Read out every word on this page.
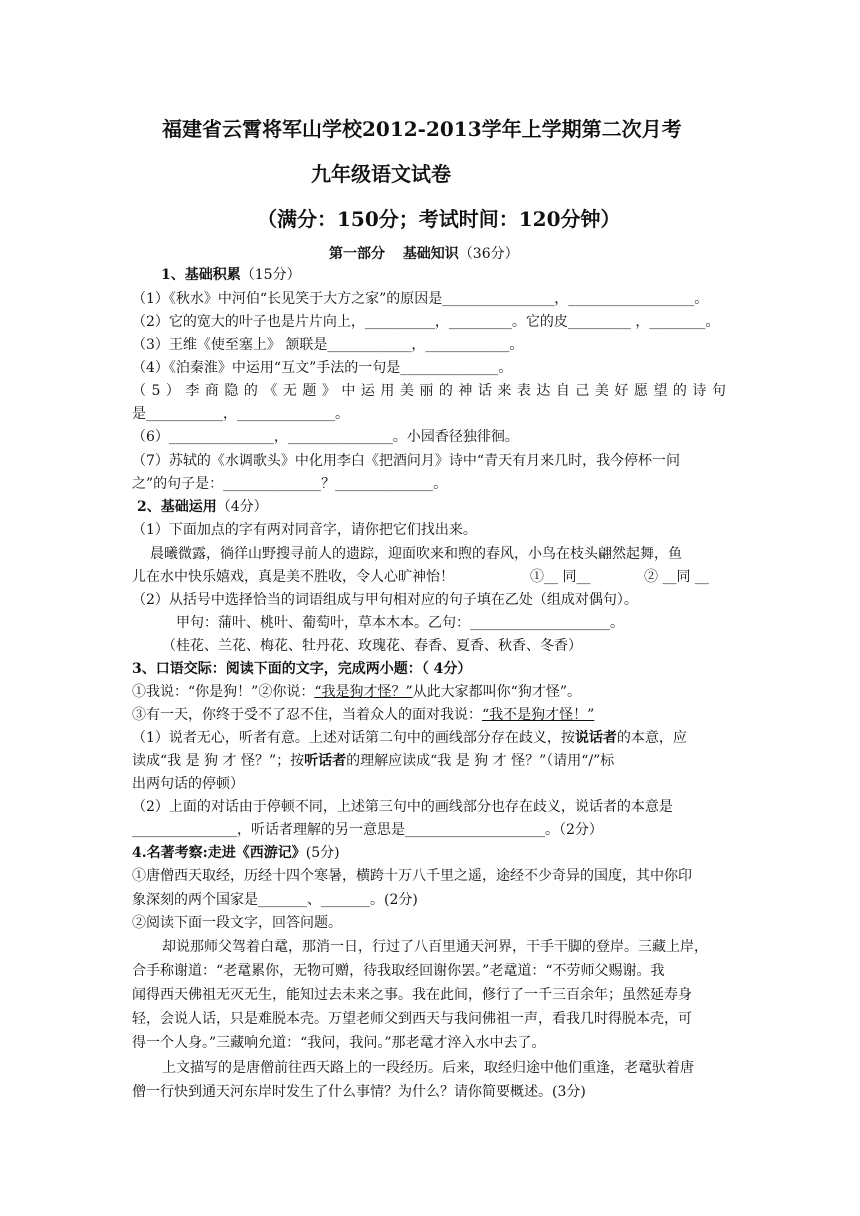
福建省云霄将军山学校2012-2013学年上学期第二次月考
九年级语文试卷
（满分：150分；考试时间：120分钟）
第一部分 基础知识（36分）
1、基础积累（15分）
（1）《秋水》中河伯“长见笑于大方之家”的原因是________________，__________________。
（2）它的宽大的叶子也是片片向上，__________，_________。它的皮_________ ，________。
（3）王维《使至塞上》 颔联是____________，____________。
（4）《泊秦淮》中运用“互文”手法的一句是______________。
（5）李商隐的《无题》中运用美丽的神话来表达自己美好愿望的诗句
是___________，______________。
（6）_______________，_______________。小园香径独徘徊。
（7）苏轼的《水调歌头》中化用李白《把酒问月》诗中“青天有月来几时，我今停杯一问
之”的句子是：______________？______________。
2、基础运用（4分）
（1）下面加点的字有两对同音字，请你把它们找出来。
晨曦微露，徜徉山野搜寻前人的遗踪，迎面吹来和煦的春风，小鸟在枝头翩然起舞，鱼
儿在水中快乐嬉戏，真是美不胜收，令人心旷神怡！	①__ 同__	② __同 __
（2）从括号中选择恰当的词语组成与甲句相对应的句子填在乙处（组成对偶句）。
甲句：蒲叶、桃叶、葡萄叶，草本木本。乙句：____________________。
（桂花、兰花、梅花、牡丹花、玫瑰花、春香、夏香、秋香、冬香）
3、口语交际：阅读下面的文字，完成两小题：（ 4分）
①我说：“你是狗！”②你说：“我是狗才怪？”从此大家都叫你“狗才怪”。
③有一天，你终于受不了忍不住，当着众人的面对我说：“我不是狗才怪！”
（1）说者无心，听者有意。上述对话第二句中的画线部分存在歧义，按说话者的本意，应
读成“我 是 狗 才 怪？”；按听话者的理解应读成“我 是 狗 才 怪？”（请用“/”标
出两句话的停顿）
（2）上面的对话由于停顿不同，上述第三句中的画线部分也存在歧义，说话者的本意是
_______________，听话者理解的另一意思是____________________。（2分）
4.名著考察:走进《西游记》(5分)
①唐僧西天取经，历经十四个寒暑，横跨十万八千里之遥，途经不少奇异的国度，其中你印
象深刻的两个国家是_______、_______。(2分)
②阅读下面一段文字，回答问题。
却说那师父驾着白鼋，那消一日，行过了八百里通天河界，干手干脚的登岸。三藏上岸，
合手称谢道：“老鼋累你，无物可赠，待我取经回谢你罢。”老鼋道：“不劳师父赐谢。我
闻得西天佛祖无灭无生，能知过去未来之事。我在此间，修行了一千三百余年；虽然延寿身
轻，会说人话，只是难脱本壳。万望老师父到西天与我问佛祖一声，看我几时得脱本壳，可
得一个人身。”三藏响允道：“我问，我问。”那老鼋才淬入水中去了。
上文描写的是唐僧前往西天路上的一段经历。后来，取经归途中他们重逢，老鼋驮着唐
僧一行快到通天河东岸时发生了什么事情？为什么？请你简要概述。(3分)
